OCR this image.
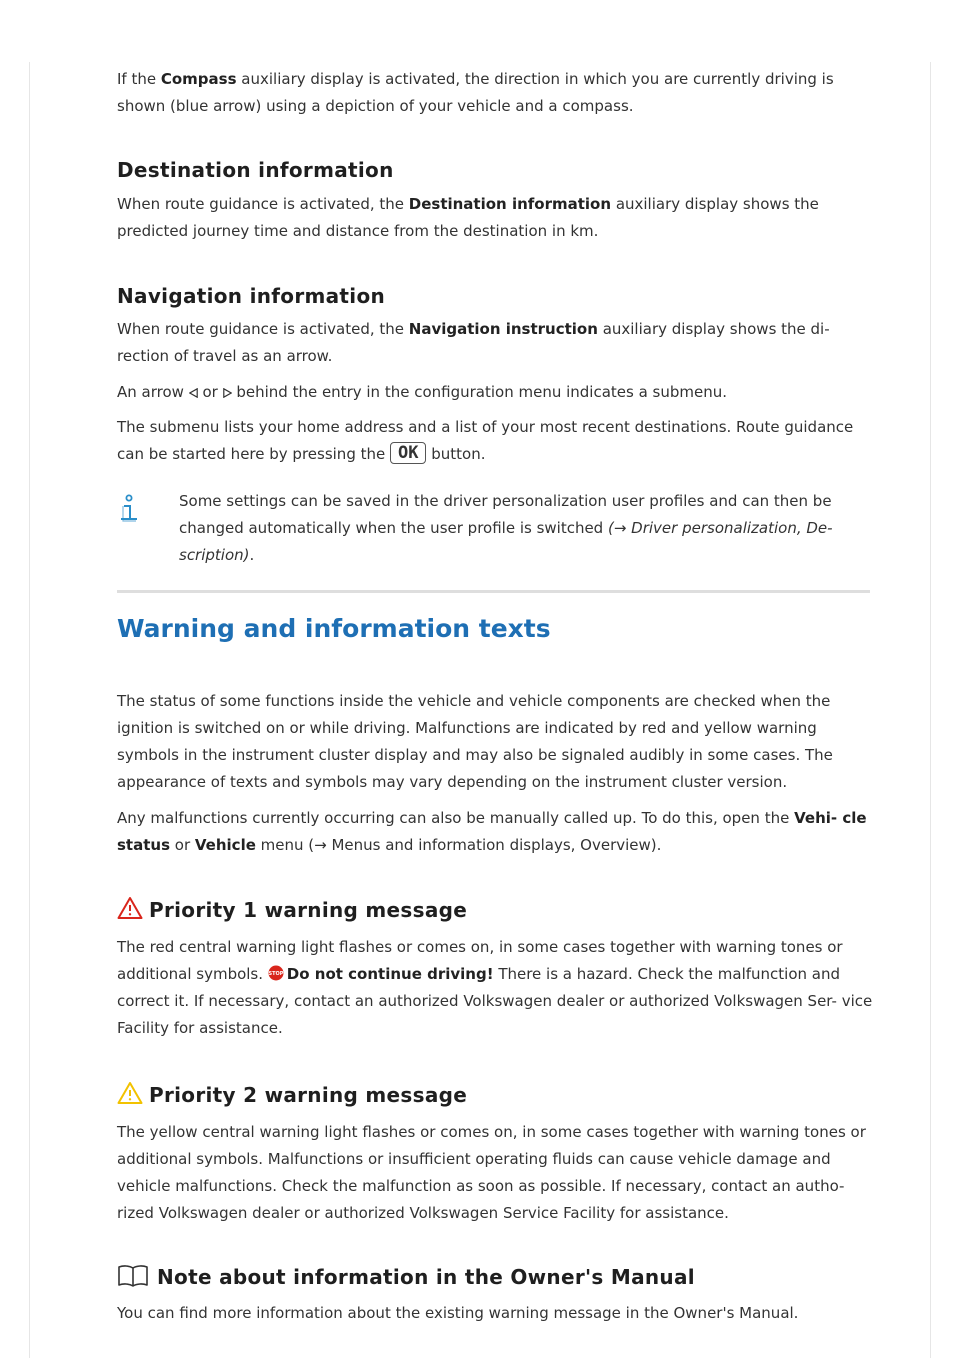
If the Compass auxiliary display is activated, the direction in which you are currently driving is shown (blue arrow) using a depiction of your vehicle and a compass.

Destination information

When route guidance is activated, the Destination information auxiliary display shows the predicted journey time and distance from the destination in km.

Navigation information

When route guidance is activated, the Navigation instruction auxiliary display shows the di- rection of travel as an arrow.

An arrow  or  behind the entry in the configuration menu indicates a submenu.

The submenu lists your home address and a list of your most recent destinations. Route guidance can be started here by pressing the OK button.

Some settings can be saved in the driver personalization user profiles and can then be changed automatically when the user profile is switched (→ Driver personalization, De- scription).

Warning and information texts

The status of some functions inside the vehicle and vehicle components are checked when the ignition is switched on or while driving. Malfunctions are indicated by red and yellow warning symbols in the instrument cluster display and may also be signaled audibly in some cases. The appearance of texts and symbols may vary depending on the instrument cluster version.

Any malfunctions currently occurring can also be manually called up. To do this, open the Vehi- cle status or Vehicle menu (→ Menus and information displays, Overview).

Priority 1 warning message

The red central warning light flashes or comes on, in some cases together with warning tones or additional symbols. STOP Do not continue driving! There is a hazard. Check the malfunction and correct it. If necessary, contact an authorized Volkswagen dealer or authorized Volkswagen Ser- vice Facility for assistance.

Priority 2 warning message

The yellow central warning light flashes or comes on, in some cases together with warning tones or additional symbols. Malfunctions or insufficient operating fluids can cause vehicle damage and vehicle malfunctions. Check the malfunction as soon as possible. If necessary, contact an autho- rized Volkswagen dealer or authorized Volkswagen Service Facility for assistance.

Note about information in the Owner's Manual

You can find more information about the existing warning message in the Owner's Manual.
